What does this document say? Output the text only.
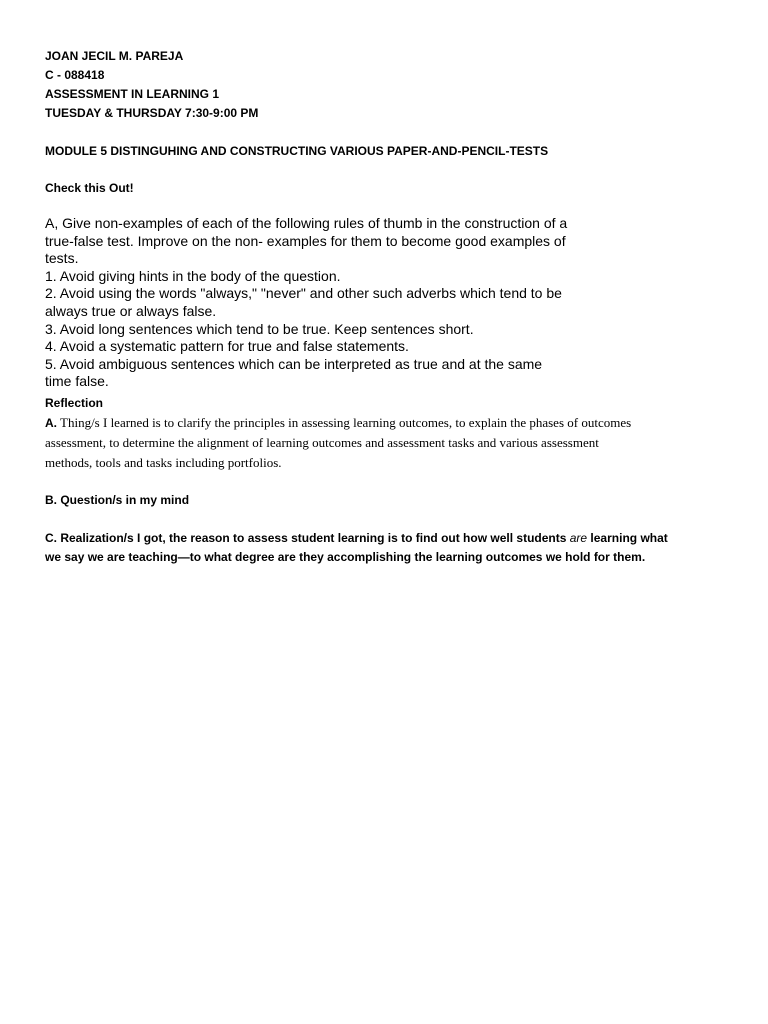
JOAN JECIL M. PAREJA
C - 088418
ASSESSMENT IN LEARNING 1
TUESDAY & THURSDAY 7:30-9:00 PM
MODULE 5 DISTINGUHING AND CONSTRUCTING VARIOUS PAPER-AND-PENCIL-TESTS
Check this Out!
A, Give non-examples of each of the following rules of thumb in the construction of a
true-false test. Improve on the non- examples for them to become good examples of
tests.
1. Avoid giving hints in the body of the question.
2. Avoid using the words "always," "never" and other such adverbs which tend to be
always true or always false.
3. Avoid long sentences which tend to be true. Keep sentences short.
4. Avoid a systematic pattern for true and false statements.
5. Avoid ambiguous sentences which can be interpreted as true and at the same
time false.
Reflection
A. Thing/s I learned is to clarify the principles in assessing learning outcomes, to explain the phases of outcomes
assessment, to determine the alignment of learning outcomes and assessment tasks and various assessment
methods, tools and tasks including portfolios.
B. Question/s in my mind
C. Realization/s I got, the reason to assess student learning is to find out how well students are learning what
we say we are teaching—to what degree are they accomplishing the learning outcomes we hold for them.
